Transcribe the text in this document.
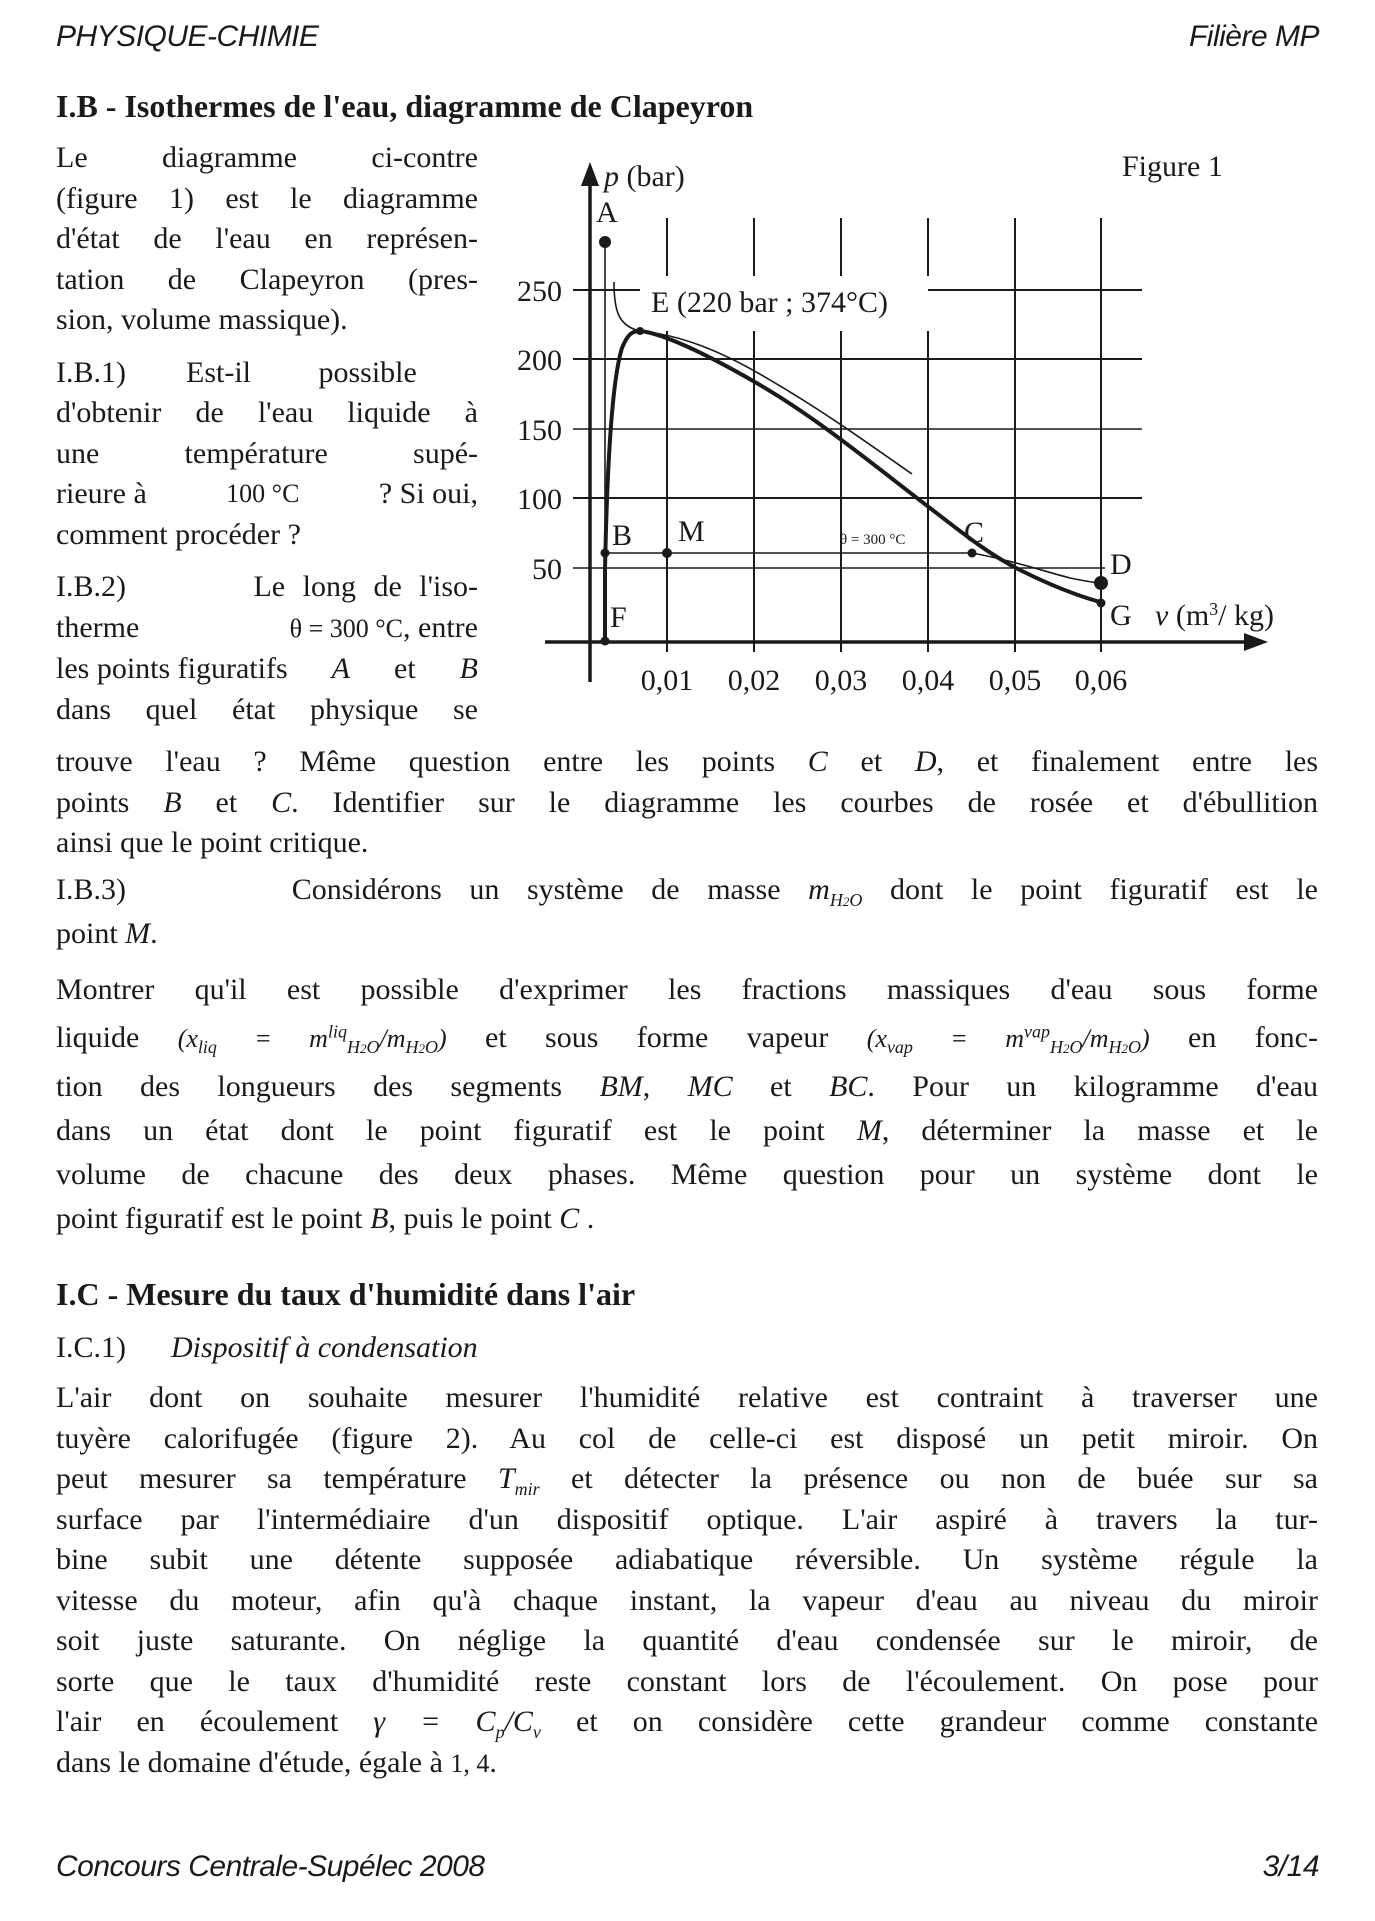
PHYSIQUE-CHIMIE	Filière MP
I.B - Isothermes de l'eau, diagramme de Clapeyron

Le diagramme ci-contre

(figure 1) est le diagramme

d'état de l'eau en représen-

tation de Clapeyron (pres-

sion, volume massique).

I.B.1) Est-il possible

d'obtenir de l'eau liquide à

une température supé-

rieure à	100 °C	? Si oui,

comment procéder ?

I.B.2)	Le long de l'iso-

therme	θ = 300 °C, entre

les points figuratifs A et B

dans quel état physique se

Figure 1
250
200
150
100
50
0,01 0,02 0,03 0,04 0,05 0,06
p (bar)
v ($m^3/$ kg)
θ = 300 °C
A
E (220 bar ; 374°C)
B M	C
D
G
F

trouve l'eau ? Même question entre les points C et D, et finalement entre les

points B et C. Identifier sur le diagramme les courbes de rosée et d'ébullition

ainsi que le point critique.

I.B.3)	Considérons un système de masse $m_{H2O}$ dont le point figuratif est le

point M.

Montrer qu'il est possible d'exprimer les fractions massiques d'eau sous forme

liquide $(x_{liq} = m^{liq}_{H2O}/m_{H2O})$ et sous forme vapeur $(x_{vap} = m^{vap}_{H2O}/m_{H2O})$ en fonc-

tion des longueurs des segments BM, MC et BC. Pour un kilogramme d'eau

dans un état dont le point figuratif est le point M, déterminer la masse et le

volume de chacune des deux phases. Même question pour un système dont le

point figuratif est le point B, puis le point C .

I.C - Mesure du taux d'humidité dans l'air

I.C.1) Dispositif à condensation

L'air dont on souhaite mesurer l'humidité relative est contraint à traverser une

tuyère calorifugée (figure 2). Au col de celle-ci est disposé un petit miroir. On

peut mesurer sa température $T_{mir}$ et détecter la présence ou non de buée sur sa

surface par l'intermédiaire d'un dispositif optique. L'air aspiré à travers la tur-

bine subit une détente supposée adiabatique réversible. Un système régule la

vitesse du moteur, afin qu'à chaque instant, la vapeur d'eau au niveau du miroir

soit juste saturante. On néglige la quantité d'eau condensée sur le miroir, de

sorte que le taux d'humidité reste constant lors de l'écoulement. On pose pour

l'air en écoulement $\gamma = C_p/C_v$ et on considère cette grandeur comme constante

dans le domaine d'étude, égale à 1, 4.

Concours Centrale-Supélec 2008	3/14
